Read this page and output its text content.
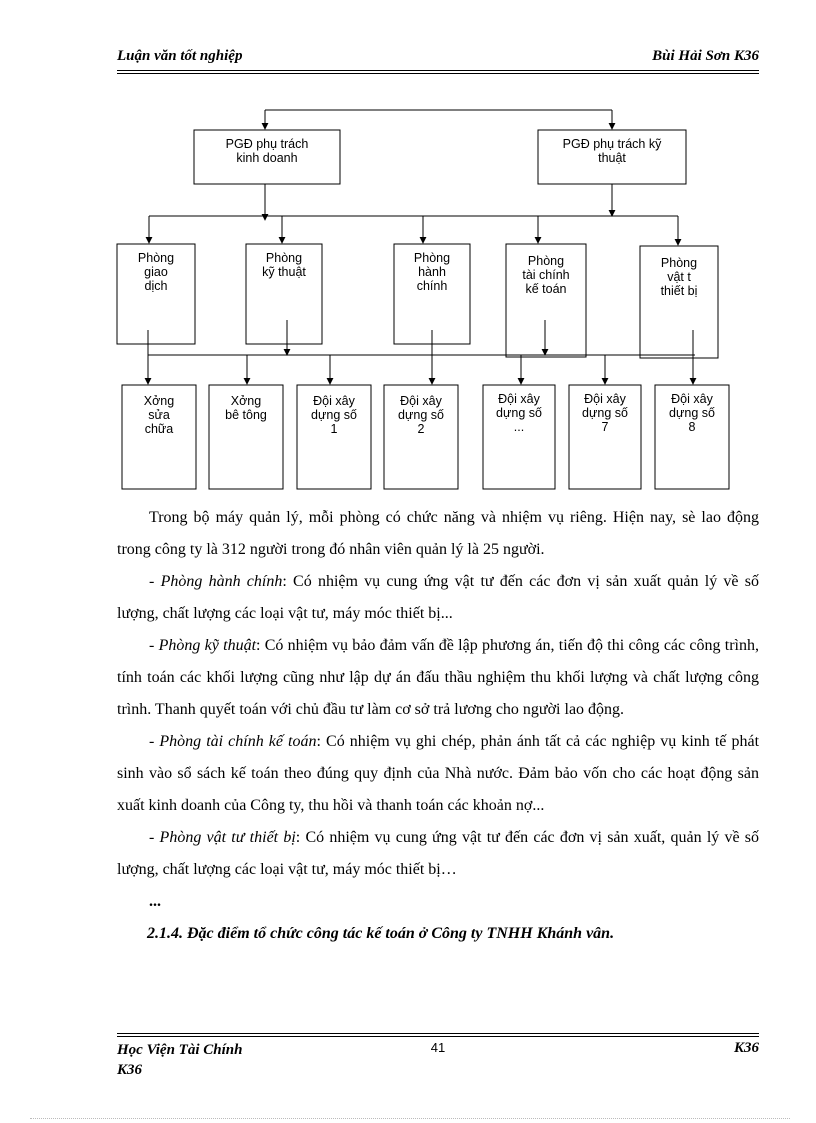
Luận văn tốt nghiệp	Bùi Hải Sơn K36
PGĐ phụ trách
kinh doanh
PGĐ phụ trách kỹ
thuật
Phòng
giao
dịch
Phòng
kỹ thuật
Phòng
hành
chính
Phòng
tài chính
kế toán
Phòng
vật t
thiết bị
Xởng
sửa
chữa
Xởng
bê tông
Đội xây
dựng số
1
Đội xây
dựng số
2
Đội xây
dựng số
...
Đội xây
dựng số
7
Đội xây
dựng số
8

Trong bộ máy quản lý, mỗi phòng có chức năng và nhiệm vụ riêng. Hiện nay, sè lao động trong công ty là 312 người trong đó nhân viên quản lý là 25 người.

- Phòng hành chính: Có nhiệm vụ cung ứng vật tư đến các đơn vị sản xuất quản lý về số lượng, chất lượng các loại vật tư, máy móc thiết bị...

- Phòng kỹ thuật: Có nhiệm vụ bảo đảm vấn đề lập phương án, tiến độ thi công các công trình, tính toán các khối lượng cũng như lập dự án đấu thầu nghiệm thu khối lượng và chất lượng công trình. Thanh quyết toán với chủ đầu tư làm cơ sở trả lương cho người lao động.

- Phòng tài chính kế toán: Có nhiệm vụ ghi chép, phản ánh tất cả các nghiệp vụ kinh tế phát sinh vào sổ sách kế toán theo đúng quy định của Nhà nước. Đảm bảo vốn cho các hoạt động sản xuất kinh doanh của Công ty, thu hồi và thanh toán các khoản nợ...

- Phòng vật tư thiết bị: Có nhiệm vụ cung ứng vật tư đến các đơn vị sản xuất, quản lý về số lượng, chất lượng các loại vật tư, máy móc thiết bị…

...

2.1.4. Đặc điểm tổ chức công tác kế toán ở Công ty TNHH Khánh vân.

Học Viện Tài Chính
K36
41	K36
